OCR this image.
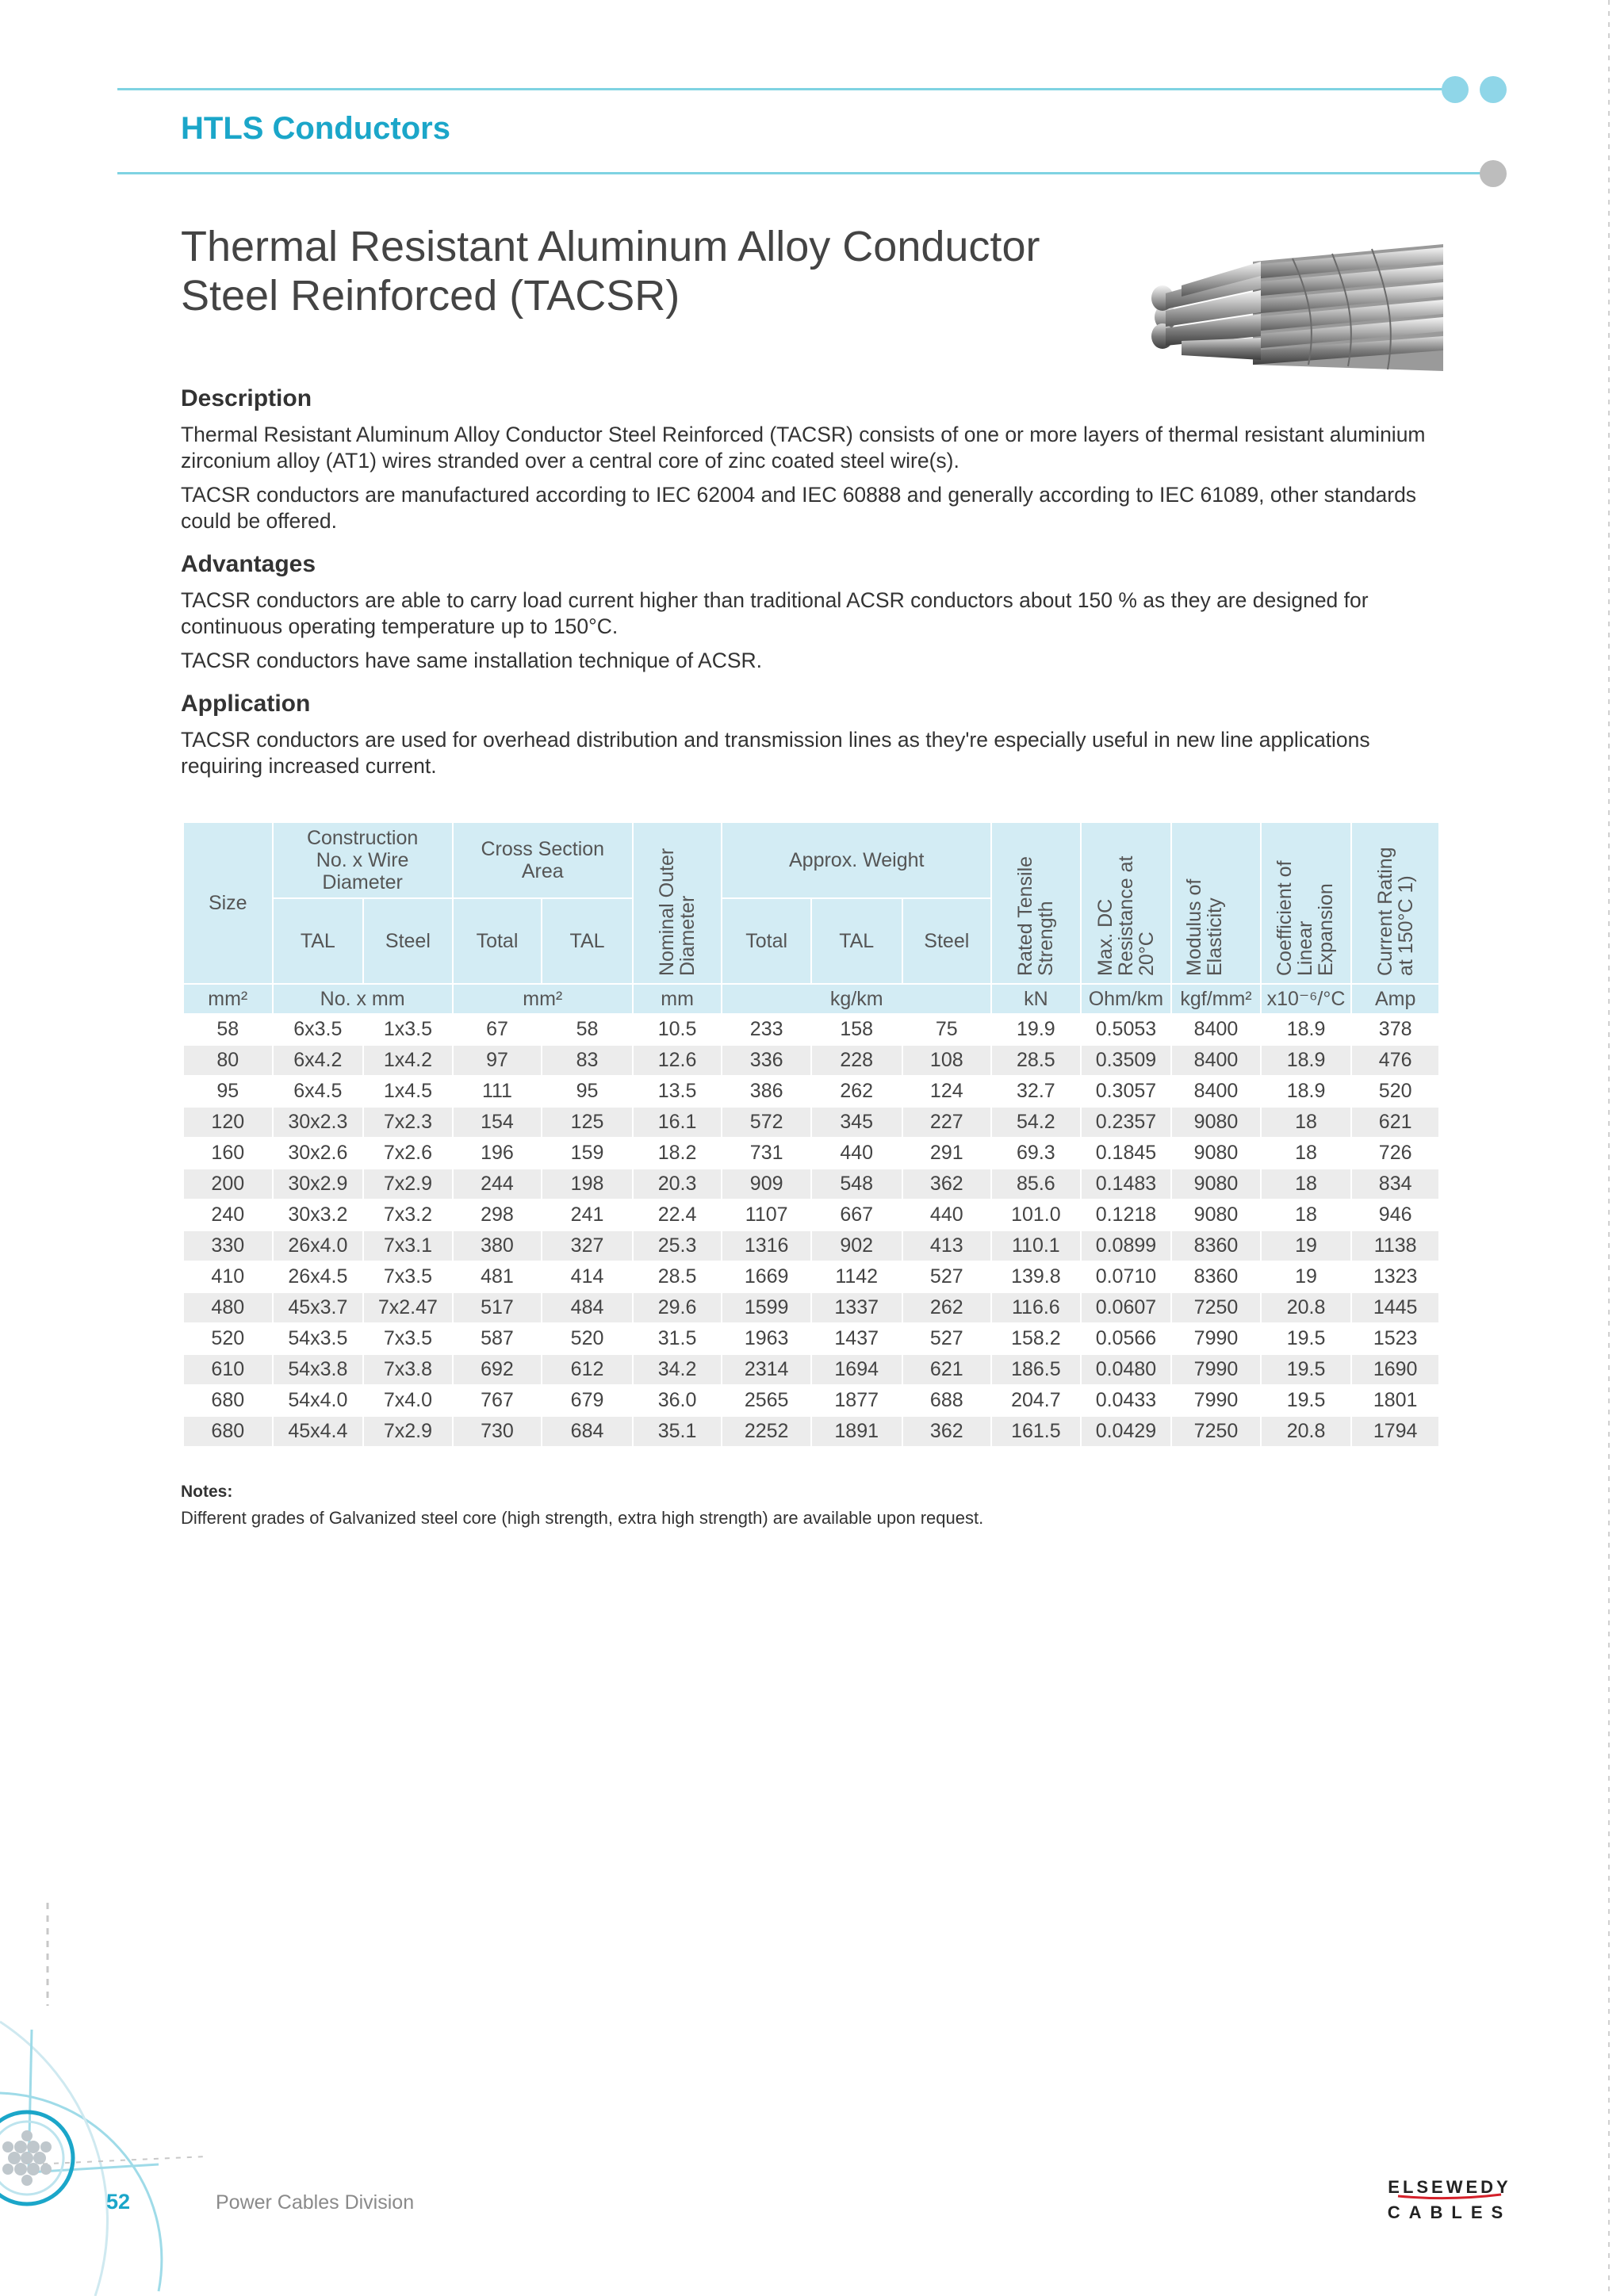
HTLS Conductors
Thermal Resistant Aluminum Alloy Conductor
Steel Reinforced (TACSR)
Description

Thermal Resistant Aluminum Alloy Conductor Steel Reinforced (TACSR) consists of one or more layers of thermal resistant aluminium zirconium alloy (AT1) wires stranded over a central core of zinc coated steel wire(s).

TACSR conductors are manufactured according to IEC 62004 and IEC 60888 and generally according to IEC 61089, other standards could be offered.

Advantages

TACSR conductors are able to carry load current higher than traditional ACSR conductors about 150 % as they are designed for continuous operating temperature up to 150°C.

TACSR conductors have same installation technique of ACSR.

Application

TACSR conductors are used for overhead distribution and transmission lines as they're especially useful in new line applications requiring increased current.

Size	Construction No. x Wire Diameter		Cross Section Area		Nominal Outer Diameter	Approx. Weight			Rated Tensile Strength	Max. DC Resistance at 20°C	Modulus of Elasticity	Coefficient of Linear Expansion	Current Rating at 150°C 1)
	TAL	Steel	Total	TAL		Total	TAL	Steel					
mm²	No. x mm		mm²		mm	kg/km			kN	Ohm/km	kgf/mm²	x10⁻⁶/°C	Amp
58	6x3.5	1x3.5	67	58	10.5	233	158	75	19.9	0.5053	8400	18.9	378
80	6x4.2	1x4.2	97	83	12.6	336	228	108	28.5	0.3509	8400	18.9	476
95	6x4.5	1x4.5	111	95	13.5	386	262	124	32.7	0.3057	8400	18.9	520
120	30x2.3	7x2.3	154	125	16.1	572	345	227	54.2	0.2357	9080	18	621
160	30x2.6	7x2.6	196	159	18.2	731	440	291	69.3	0.1845	9080	18	726
200	30x2.9	7x2.9	244	198	20.3	909	548	362	85.6	0.1483	9080	18	834
240	30x3.2	7x3.2	298	241	22.4	1107	667	440	101.0	0.1218	9080	18	946
330	26x4.0	7x3.1	380	327	25.3	1316	902	413	110.1	0.0899	8360	19	1138
410	26x4.5	7x3.5	481	414	28.5	1669	1142	527	139.8	0.0710	8360	19	1323
480	45x3.7	7x2.47	517	484	29.6	1599	1337	262	116.6	0.0607	7250	20.8	1445
520	54x3.5	7x3.5	587	520	31.5	1963	1437	527	158.2	0.0566	7990	19.5	1523
610	54x3.8	7x3.8	692	612	34.2	2314	1694	621	186.5	0.0480	7990	19.5	1690
680	54x4.0	7x4.0	767	679	36.0	2565	1877	688	204.7	0.0433	7990	19.5	1801
680	45x4.4	7x2.9	730	684	35.1	2252	1891	362	161.5	0.0429	7250	20.8	1794
Notes:
Different grades of Galvanized steel core (high strength, extra high strength) are available upon request.
52	Power Cables Division
ELSEWEDY
CABLES
